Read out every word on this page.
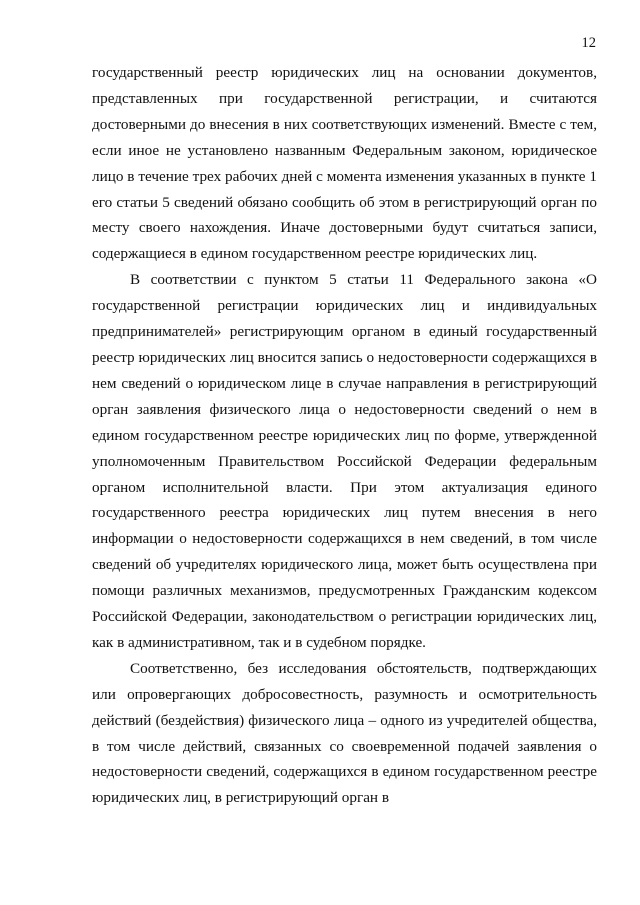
12

государственный реестр юридических лиц на основании документов, представленных при государственной регистрации, и считаются достоверными до внесения в них соответствующих изменений. Вместе с тем, если иное не установлено названным Федеральным законом, юридическое лицо в течение трех рабочих дней с момента изменения указанных в пункте 1 его статьи 5 сведений обязано сообщить об этом в регистрирующий орган по месту своего нахождения. Иначе достоверными будут считаться записи, содержащиеся в едином государственном реестре юридических лиц.

В соответствии с пунктом 5 статьи 11 Федерального закона «О государственной регистрации юридических лиц и индивидуальных предпринимателей» регистрирующим органом в единый государственный реестр юридических лиц вносится запись о недостоверности содержащихся в нем сведений о юридическом лице в случае направления в регистрирующий орган заявления физического лица о недостоверности сведений о нем в едином государственном реестре юридических лиц по форме, утвержденной уполномоченным Правительством Российской Федерации федеральным органом исполнительной власти. При этом актуализация единого государственного реестра юридических лиц путем внесения в него информации о недостоверности содержащихся в нем сведений, в том числе сведений об учредителях юридического лица, может быть осуществлена при помощи различных механизмов, предусмотренных Гражданским кодексом Российской Федерации, законодательством о регистрации юридических лиц, как в административном, так и в судебном порядке.

Соответственно, без исследования обстоятельств, подтверждающих или опровергающих добросовестность, разумность и осмотрительность действий (бездействия) физического лица – одного из учредителей общества, в том числе действий, связанных со своевременной подачей заявления о недостоверности сведений, содержащихся в едином государственном реестре юридических лиц, в регистрирующий орган в
